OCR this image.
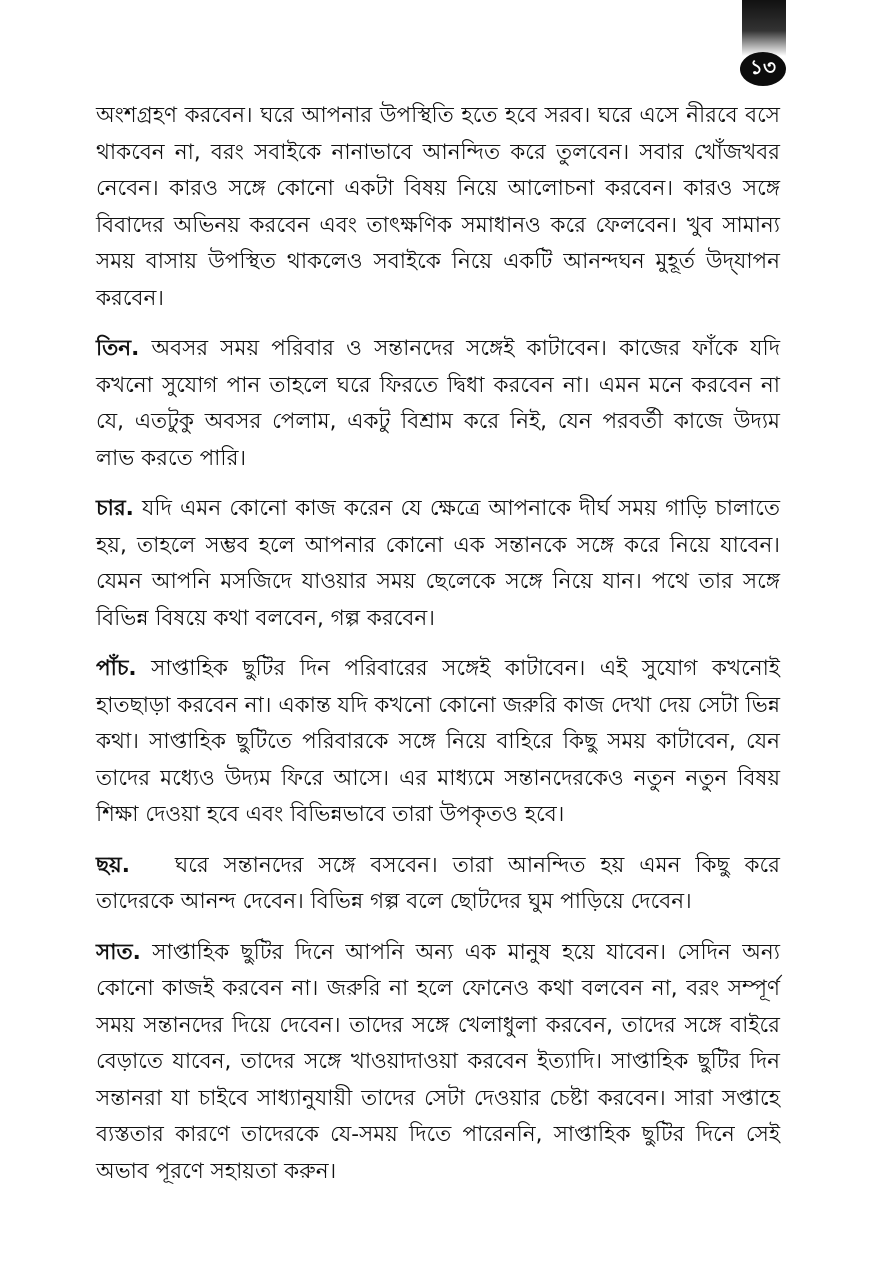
১৩

অংশগ্রহণ করবেন। ঘরে আপনার উপস্থিতি হতে হবে সরব। ঘরে এসে নীরবে বসে থাকবেন না, বরং সবাইকে নানাভাবে আনন্দিত করে তুলবেন। সবার খোঁজখবর নেবেন। কারও সঙ্গে কোনো একটা বিষয় নিয়ে আলোচনা করবেন। কারও সঙ্গে বিবাদের অভিনয় করবেন এবং তাৎক্ষণিক সমাধানও করে ফেলবেন। খুব সামান্য সময় বাসায় উপস্থিত থাকলেও সবাইকে নিয়ে একটি আনন্দঘন মুহূর্ত উদ্‌যাপন করবেন।

তিন. অবসর সময় পরিবার ও সন্তানদের সঙ্গেই কাটাবেন। কাজের ফাঁকে যদি কখনো সুযোগ পান তাহলে ঘরে ফিরতে দ্বিধা করবেন না। এমন মনে করবেন না যে, এতটুকু অবসর পেলাম, একটু বিশ্রাম করে নিই, যেন পরবর্তী কাজে উদ্যম লাভ করতে পারি।

চার. যদি এমন কোনো কাজ করেন যে ক্ষেত্রে আপনাকে দীর্ঘ সময় গাড়ি চালাতে হয়, তাহলে সম্ভব হলে আপনার কোনো এক সন্তানকে সঙ্গে করে নিয়ে যাবেন। যেমন আপনি মসজিদে যাওয়ার সময় ছেলেকে সঙ্গে নিয়ে যান। পথে তার সঙ্গে বিভিন্ন বিষয়ে কথা বলবেন, গল্প করবেন।

পাঁচ. সাপ্তাহিক ছুটির দিন পরিবারের সঙ্গেই কাটাবেন। এই সুযোগ কখনোই হাতছাড়া করবেন না। একান্ত যদি কখনো কোনো জরুরি কাজ দেখা দেয় সেটা ভিন্ন কথা। সাপ্তাহিক ছুটিতে পরিবারকে সঙ্গে নিয়ে বাহিরে কিছু সময় কাটাবেন, যেন তাদের মধ্যেও উদ্যম ফিরে আসে। এর মাধ্যমে সন্তানদেরকেও নতুন নতুন বিষয় শিক্ষা দেওয়া হবে এবং বিভিন্নভাবে তারা উপকৃতও হবে।

ছয়. ঘরে সন্তানদের সঙ্গে বসবেন। তারা আনন্দিত হয় এমন কিছু করে তাদেরকে আনন্দ দেবেন। বিভিন্ন গল্প বলে ছোটদের ঘুম পাড়িয়ে দেবেন।

সাত. সাপ্তাহিক ছুটির দিনে আপনি অন্য এক মানুষ হয়ে যাবেন। সেদিন অন্য কোনো কাজই করবেন না। জরুরি না হলে ফোনেও কথা বলবেন না, বরং সম্পূর্ণ সময় সন্তানদের দিয়ে দেবেন। তাদের সঙ্গে খেলাধুলা করবেন, তাদের সঙ্গে বাইরে বেড়াতে যাবেন, তাদের সঙ্গে খাওয়াদাওয়া করবেন ইত্যাদি। সাপ্তাহিক ছুটির দিন সন্তানরা যা চাইবে সাধ্যানুযায়ী তাদের সেটা দেওয়ার চেষ্টা করবেন। সারা সপ্তাহে ব্যস্ততার কারণে তাদেরকে যে-সময় দিতে পারেননি, সাপ্তাহিক ছুটির দিনে সেই অভাব পূরণে সহায়তা করুন।
